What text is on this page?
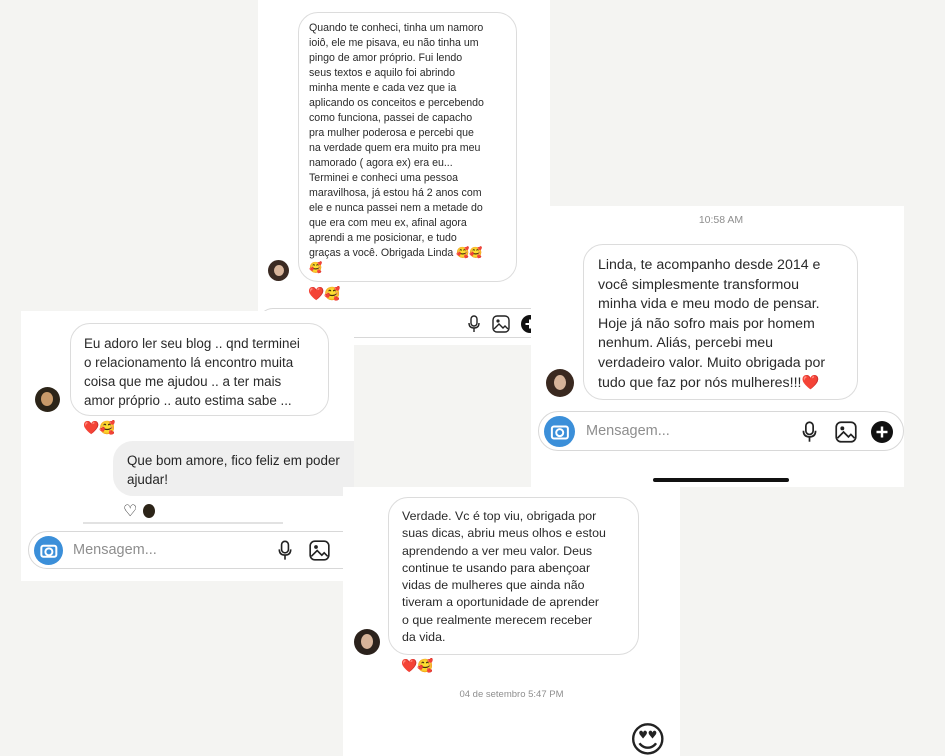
Quando te conheci, tinha um namoro
ioiô, ele me pisava, eu não tinha um
pingo de amor próprio. Fui lendo
seus textos e aquilo foi abrindo
minha mente e cada vez que ia
aplicando os conceitos e percebendo
como funciona, passei de capacho
pra mulher poderosa e percebi que
na verdade quem era muito pra meu
namorado ( agora ex) era eu...
Terminei e conheci uma pessoa
maravilhosa, já estou há 2 anos com
ele e nunca passei nem a metade do
que era com meu ex, afinal agora
aprendi a me posicionar, e tudo
graças a você. Obrigada Linda 🥰🥰
🥰
❤️🥰
Eu adoro ler seu blog .. qnd terminei
o relacionamento lá encontro muita
coisa que me ajudou .. a ter mais
amor próprio .. auto estima sabe ...
❤️🥰
Que bom amore, fico feliz em poder
ajudar!
♡
Mensagem...
Verdade. Vc é top viu, obrigada por
suas dicas, abriu meus olhos e estou
aprendendo a ver meu valor. Deus
continue te usando para abençoar
vidas de mulheres que ainda não
tiveram a oportunidade de aprender
o que realmente merecem receber
da vida.
❤️🥰
04 de setembro 5:47 PM
😍
10:58 AM
Linda, te acompanho desde 2014 e
você simplesmente transformou
minha vida e meu modo de pensar.
Hoje já não sofro mais por homem
nenhum. Aliás, percebi meu
verdadeiro valor. Muito obrigada por
tudo que faz por nós mulheres!!!❤️
Mensagem...
